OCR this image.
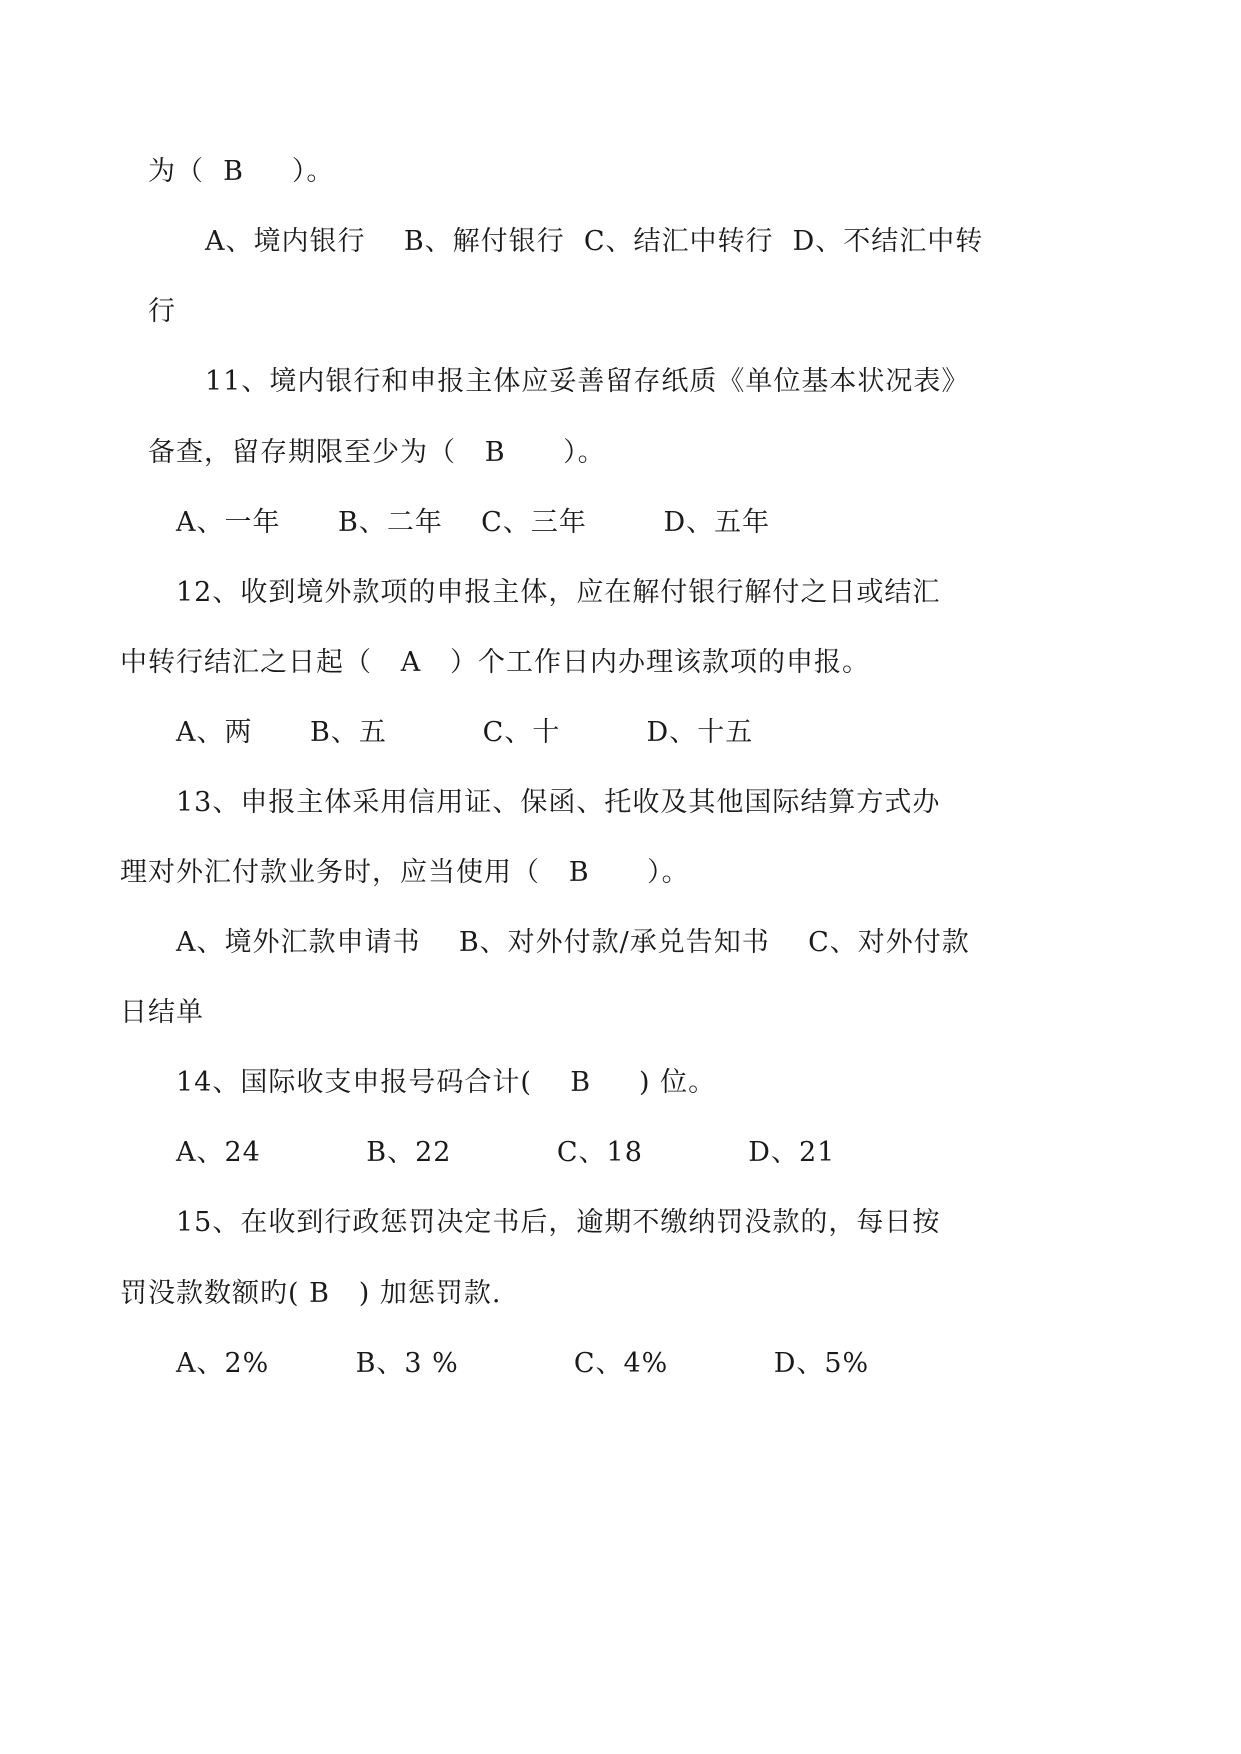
为（  B     ）。
A、境内银行    B、解付银行  C、结汇中转行  D、不结汇中转
行
11、境内银行和申报主体应妥善留存纸质《单位基本状况表》
备查，留存期限至少为（   B      ）。
A、一年      B、二年    C、三年        D、五年
12、收到境外款项的申报主体，应在解付银行解付之日或结汇
中转行结汇之日起（   A   ）个工作日内办理该款项的申报。
A、两      B、五          C、十         D、十五
13、申报主体采用信用证、保函、托收及其他国际结算方式办
理对外汇付款业务时，应当使用（   B      ）。
A、境外汇款申请书    B、对外付款/承兑告知书    C、对外付款
日结单
14、国际收支申报号码合计(    B     ) 位。
A、24           B、22           C、18           D、21
15、在收到行政惩罚决定书后，逾期不缴纳罚没款的，每日按
罚没款数额旳( B   ) 加惩罚款.
A、2%         B、3 %            C、4%           D、5%
